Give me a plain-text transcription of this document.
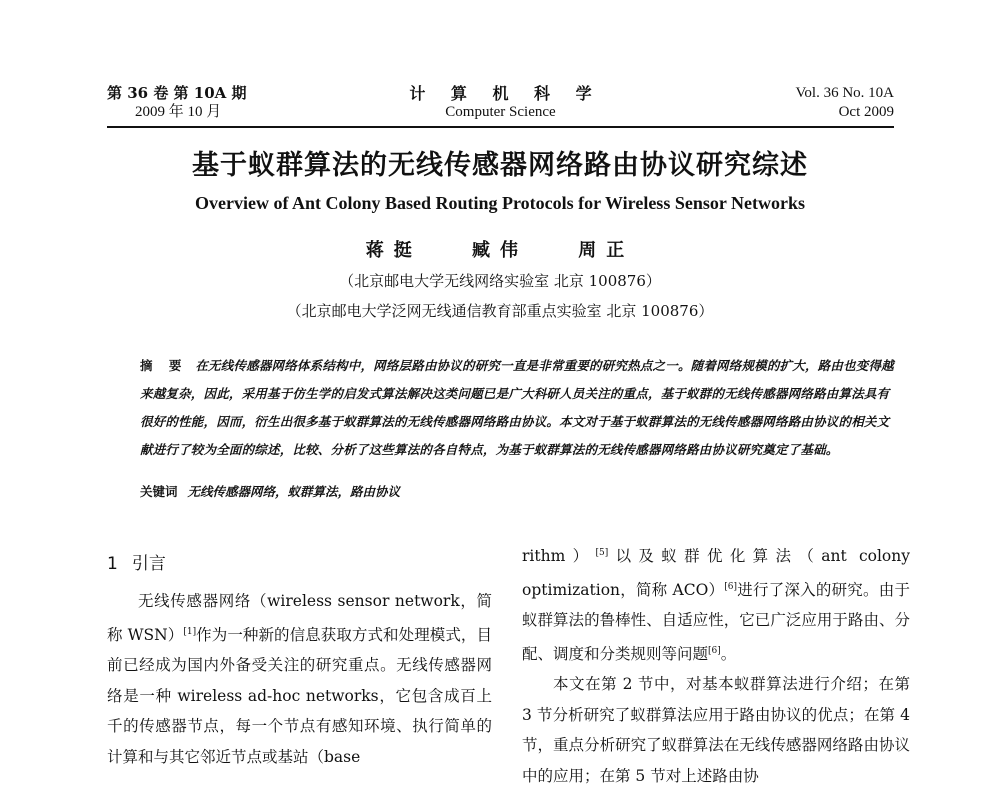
第 36 卷 第 10A 期
2009 年 10 月
计 算 机 科 学
Computer Science
Vol. 36 No. 10A
Oct 2009
基于蚁群算法的无线传感器网络路由协议研究综述
Overview of Ant Colony Based Routing Protocols for Wireless Sensor Networks
蒋挺	臧伟	周正
（北京邮电大学无线网络实验室 北京 100876）
（北京邮电大学泛网无线通信教育部重点实验室 北京 100876）
摘 要 在无线传感器网络体系结构中，网络层路由协议的研究一直是非常重要的研究热点之一。随着网络规模的扩大，路由也变得越来越复杂，因此，采用基于仿生学的启发式算法解决这类问题已是广大科研人员关注的重点，基于蚁群的无线传感器网络路由算法具有很好的性能，因而，衍生出很多基于蚁群算法的无线传感器网络路由协议。本文对于基于蚁群算法的无线传感器网络路由协议的相关文献进行了较为全面的综述，比较、分析了这些算法的各自特点，为基于蚁群算法的无线传感器网络路由协议研究奠定了基础。
关键词 无线传感器网络，蚁群算法，路由协议
1 引言

无线传感器网络（wireless sensor network，简称 WSN）[1]作为一种新的信息获取方式和处理模式，目前已经成为国内外备受关注的研究重点。无线传感器网络是一种 wireless ad-hoc networks，它包含成百上千的传感器节点，每一个节点有感知环境、执行简单的计算和与其它邻近节点或基站（base

rithm）[5]以及蚁群优化算法（ant colony optimization，简称 ACO）[6]进行了深入的研究。由于蚁群算法的鲁棒性、自适应性，它已广泛应用于路由、分配、调度和分类规则等问题[6]。

本文在第 2 节中，对基本蚁群算法进行介绍；在第 3 节分析研究了蚁群算法应用于路由协议的优点；在第 4 节，重点分析研究了蚁群算法在无线传感器网络路由协议中的应用；在第 5 节对上述路由协
